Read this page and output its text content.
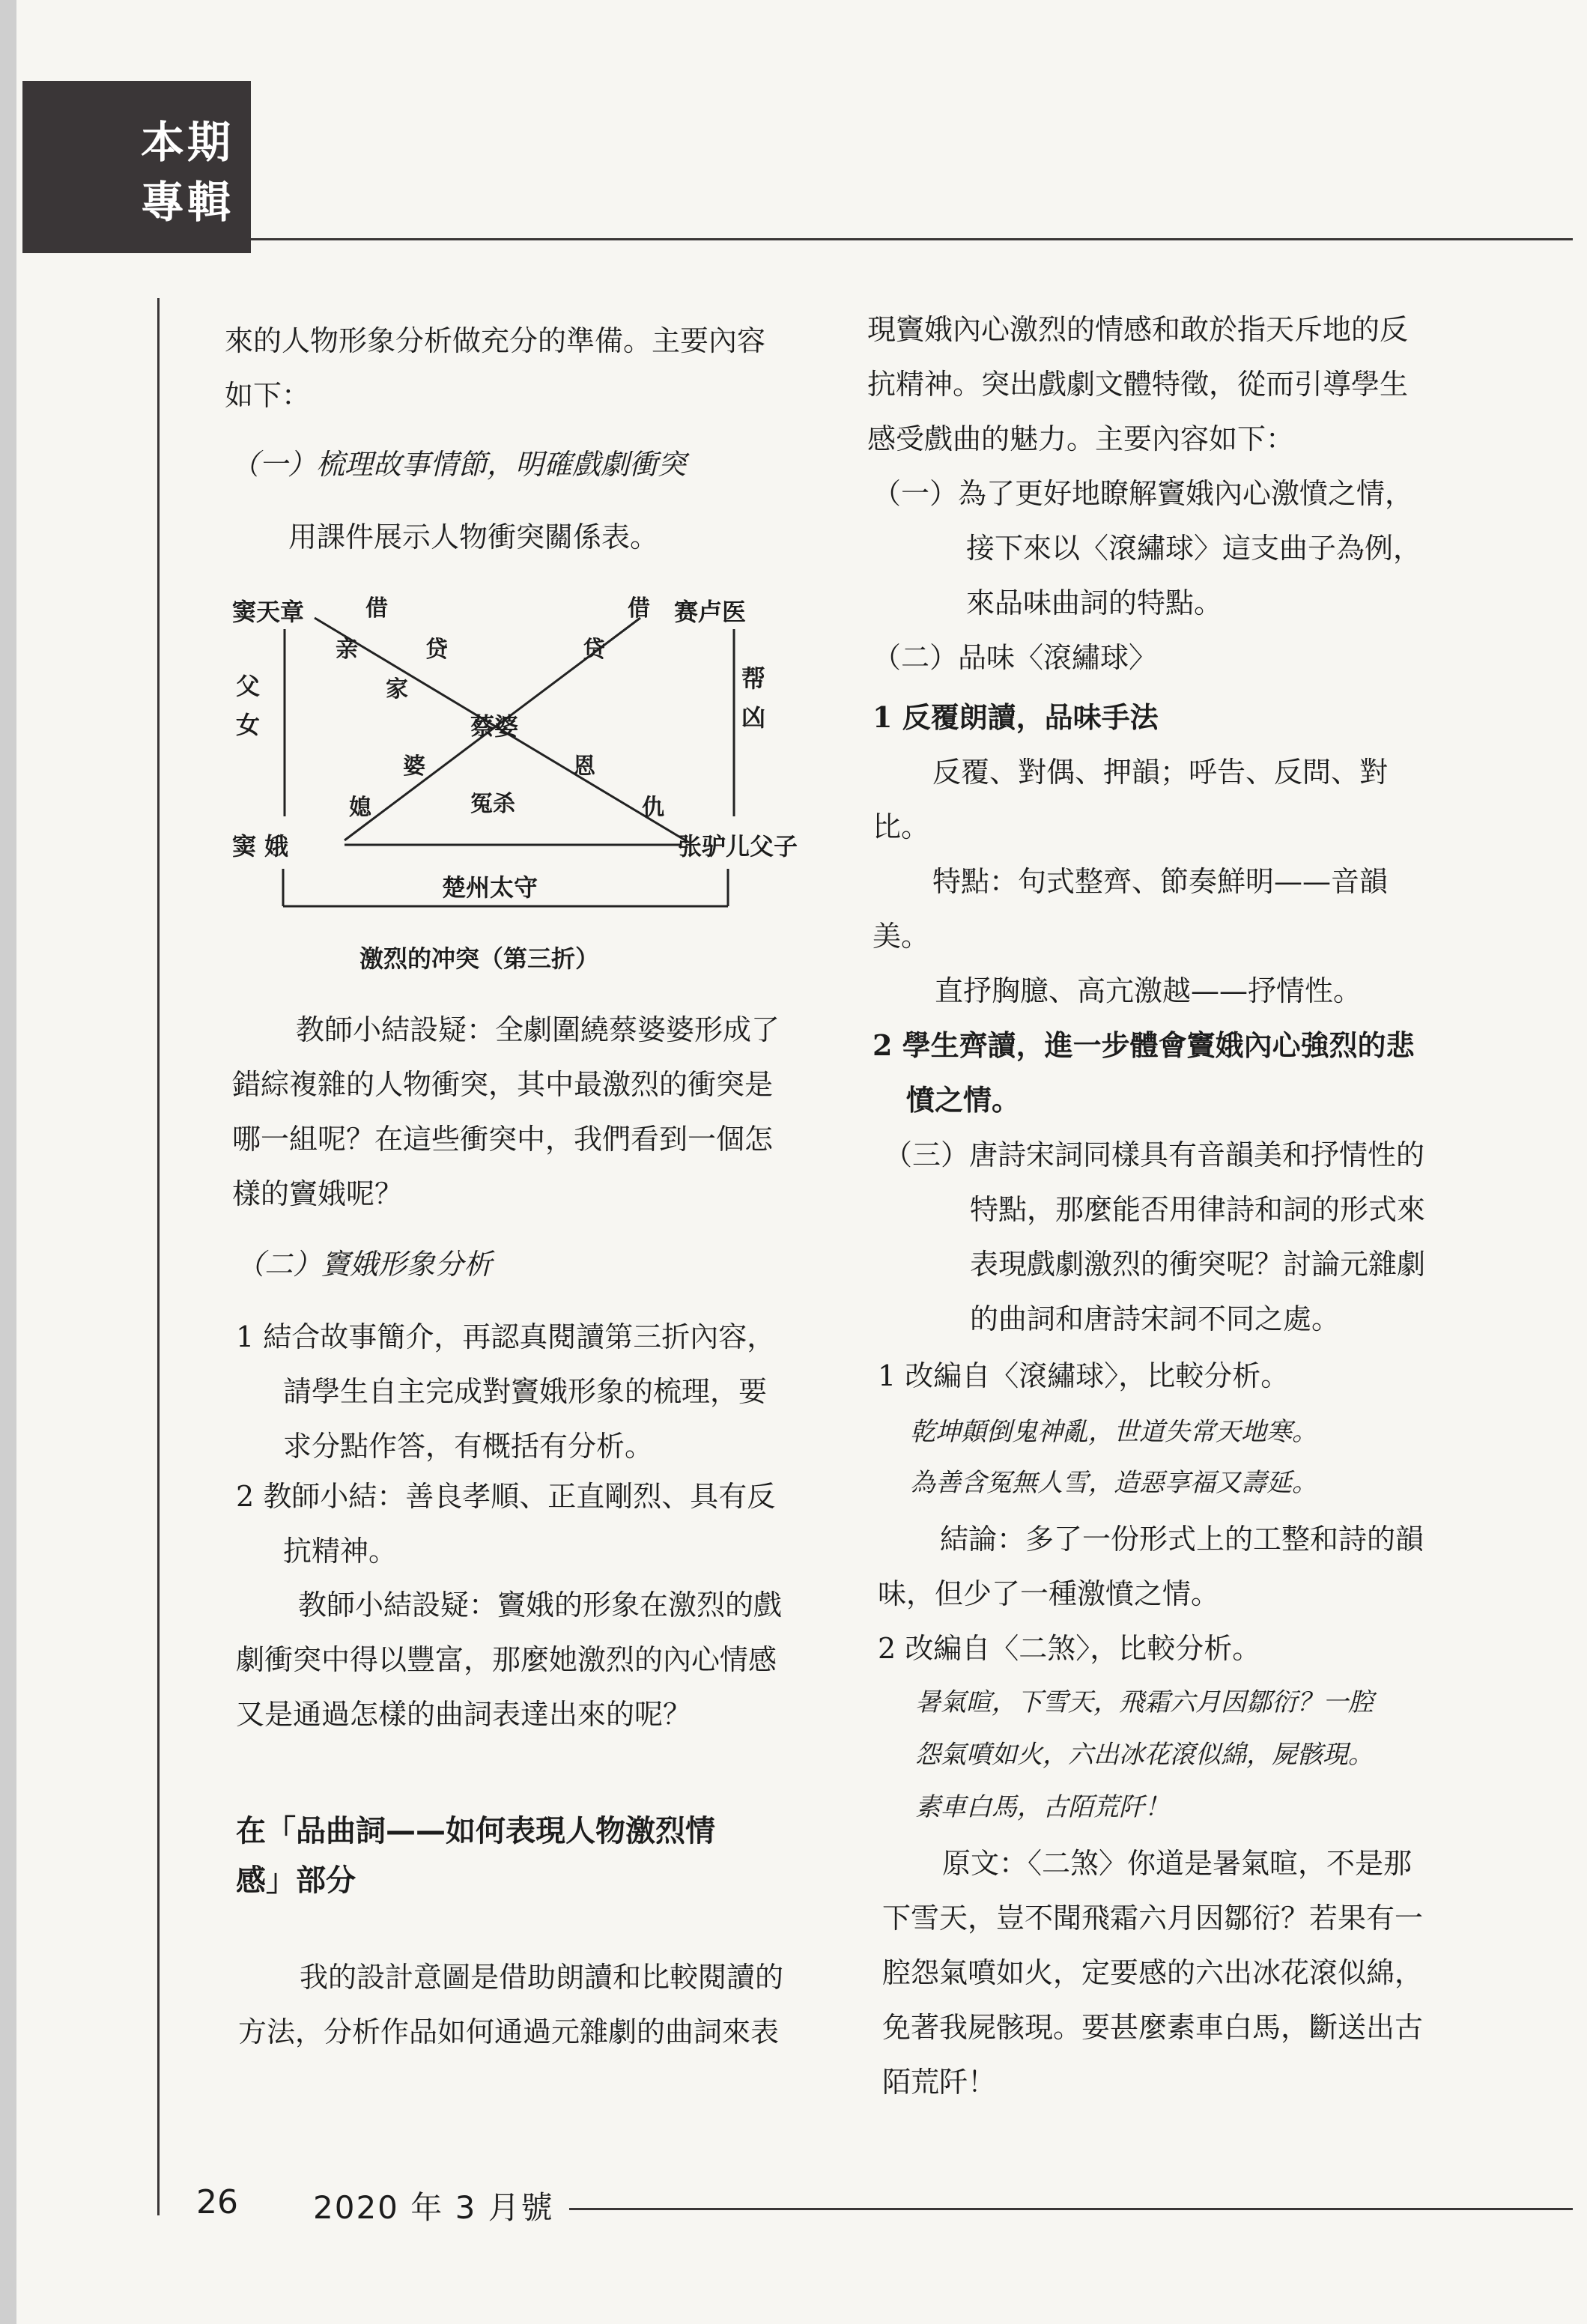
本期
專輯
來的人物形象分析做充分的準備。主要內容
如下：
（一）梳理故事情節，明確戲劇衝突
用課件展示人物衝突關係表。
窦天章	赛卢医
窦 娥	张驴儿父子
蔡婆
楚州太守
激烈的冲突（第三折）
父女
帮凶
借	借
亲	贷	贷
家
婆
媳
恩
仇
冤杀
教師小結設疑：全劇圍繞蔡婆婆形成了
錯綜複雜的人物衝突，其中最激烈的衝突是
哪一組呢？在這些衝突中，我們看到一個怎
樣的竇娥呢？
（二）竇娥形象分析
1 結合故事簡介，再認真閱讀第三折內容，
請學生自主完成對竇娥形象的梳理，要
求分點作答，有概括有分析。
2 教師小結：善良孝順、正直剛烈、具有反
抗精神。
教師小結設疑：竇娥的形象在激烈的戲
劇衝突中得以豐富，那麼她激烈的內心情感
又是通過怎樣的曲詞表達出來的呢？
在「品曲詞——如何表現人物激烈情
感」部分
我的設計意圖是借助朗讀和比較閱讀的
方法，分析作品如何通過元雜劇的曲詞來表
現竇娥內心激烈的情感和敢於指天斥地的反
抗精神。突出戲劇文體特徵，從而引導學生
感受戲曲的魅力。主要內容如下：
（一）為了更好地瞭解竇娥內心激憤之情，
接下來以〈滾繡球〉這支曲子為例，
來品味曲詞的特點。
（二）品味〈滾繡球〉
1 反覆朗讀，品味手法
反覆、對偶、押韻；呼告、反問、對
比。
特點：句式整齊、節奏鮮明——音韻
美。
直抒胸臆、高亢激越——抒情性。
2 學生齊讀，進一步體會竇娥內心強烈的悲
憤之情。
（三）唐詩宋詞同樣具有音韻美和抒情性的
特點，那麼能否用律詩和詞的形式來
表現戲劇激烈的衝突呢？討論元雜劇
的曲詞和唐詩宋詞不同之處。
1 改編自〈滾繡球〉，比較分析。
乾坤顛倒鬼神亂，世道失常天地寒。
為善含冤無人雪，造惡享福又壽延。
結論：多了一份形式上的工整和詩的韻
味，但少了一種激憤之情。
2 改編自〈二煞〉，比較分析。
暑氣暄，下雪天，飛霜六月因鄒衍？一腔
怨氣噴如火，六出冰花滾似綿，屍骸現。
素車白馬，古陌荒阡！
原文：〈二煞〉你道是暑氣暄，不是那
下雪天，豈不聞飛霜六月因鄒衍？若果有一
腔怨氣噴如火，定要感的六出冰花滾似綿，
免著我屍骸現。要甚麼素車白馬，斷送出古
陌荒阡！
26 2020 年 3 月號
